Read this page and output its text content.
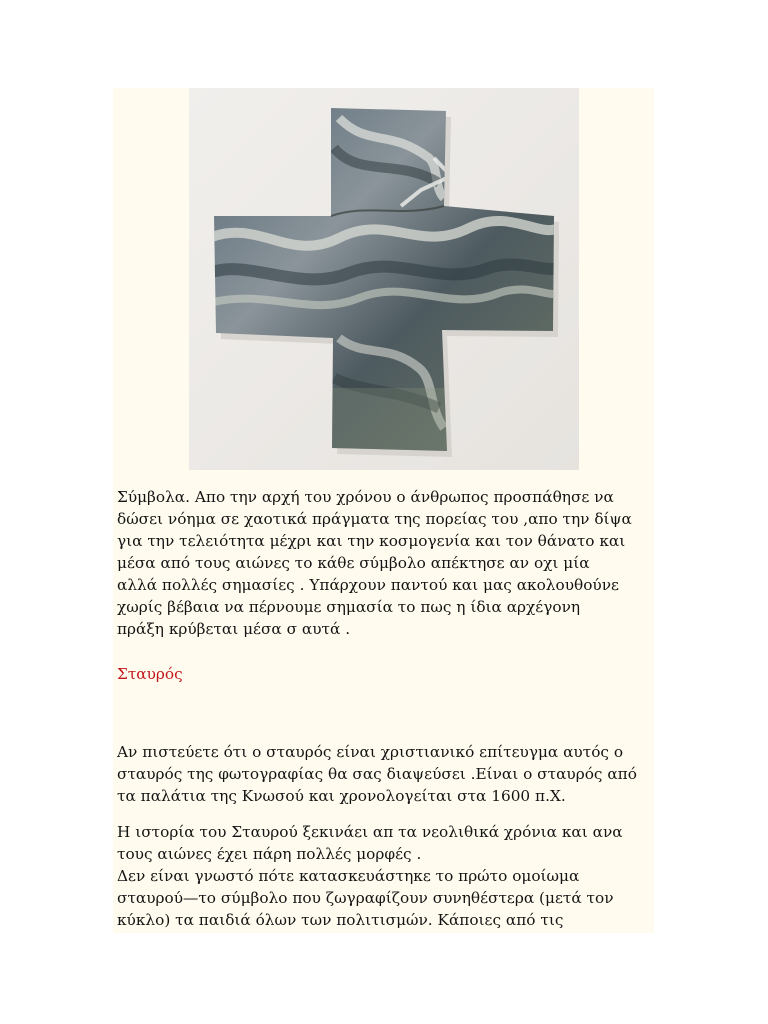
Σύμβολα. Απο την αρχή του χρόνου ο άνθρωπος προσπάθησε να

δώσει νόημα σε χαοτικά πράγματα της πορείας του ,απο την δίψα

για την τελειότητα μέχρι και την κοσμογενία και τον θάνατο και

μέσα από τους αιώνες το κάθε σύμβολο απέκτησε αν οχι μία

αλλά πολλές σημασίες . Υπάρχουν παντού και μας ακολουθούνε

χωρίς βέβαια να πέρνουμε σημασία το πως η ίδια αρχέγονη

πράξη κρύβεται μέσα σ αυτά .

Σταυρός

Αν πιστεύετε ότι ο σταυρός είναι χριστιανικό επίτευγμα αυτός ο

σταυρός της φωτογραφίας θα σας διαψεύσει .Είναι ο σταυρός από

τα παλάτια της Κνωσού και χρονολογείται στα 1600 π.Χ.

Η ιστορία του Σταυρού ξεκινάει απ τα νεολιθικά χρόνια και ανα

τους αιώνες έχει πάρη πολλές μορφές .

Δεν είναι γνωστό πότε κατασκευάστηκε το πρώτο ομοίωμα

σταυρού—το σύμβολο που ζωγραφίζουν συνηθέστερα (μετά τον

κύκλο) τα παιδιά όλων των πολιτισμών. Κάποιες από τις
